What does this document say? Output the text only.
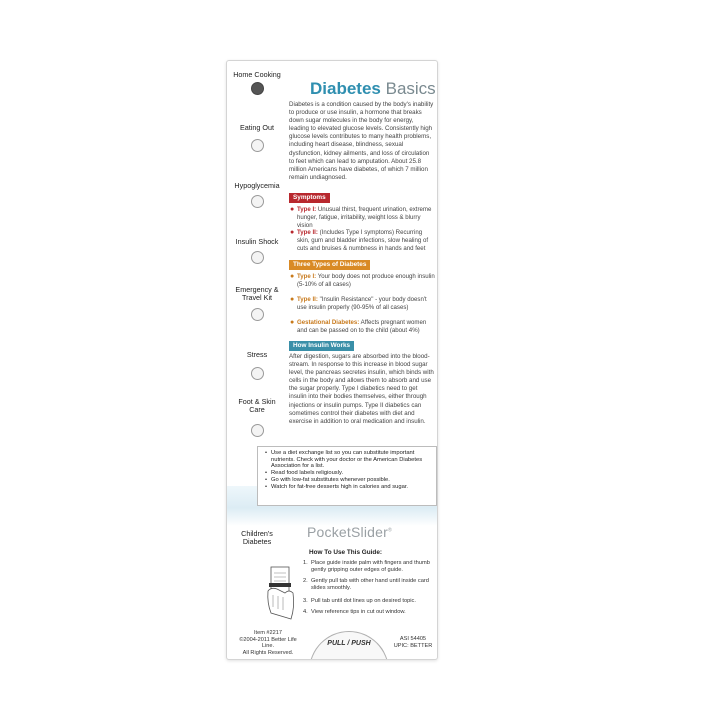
Home Cooking
Eating Out
Hypoglycemia
Insulin Shock
Emergency & Travel Kit
Stress
Foot & Skin Care
Children's Diabetes
Diabetes Basics
Diabetes is a condition caused by the body's inability to produce or use insulin, a hormone that breaks down sugar molecules in the body for energy, leading to elevated glucose levels. Consistently high glucose levels contributes to many health problems, including heart disease, blindness, sexual dysfunction, kidney ailments, and loss of circulation to feet which can lead to amputation. About 25.8 million Americans have diabetes, of which 7 million remain undiagnosed.
Symptoms
● Type I: Unusual thirst, frequent urination, extreme hunger, fatigue, irritability, weight loss & blurry vision
● Type II: (Includes Type I symptoms) Recurring skin, gum and bladder infections, slow healing of cuts and bruises & numbness in hands and feet
Three Types of Diabetes
● Type I: Your body does not produce enough insulin (5-10% of all cases)
● Type II: "Insulin Resistance" - your body doesn't use insulin properly (90-95% of all cases)
● Gestational Diabetes: Affects pregnant women and can be passed on to the child (about 4%)
How Insulin Works
After digestion, sugars are absorbed into the blood-stream. In response to this increase in blood sugar level, the pancreas secretes insulin, which binds with cells in the body and allows them to absorb and use the sugar properly. Type I diabetics need to get insulin into their bodies themselves, either through injections or insulin pumps. Type II diabetics can sometimes control their diabetes with diet and exercise in addition to oral medication and insulin.
• Use a diet exchange list so you can substitute important nutrients. Check with your doctor or the American Diabetes Association for a list.
• Read food labels religiously.
• Go with low-fat substitutes whenever possible.
• Watch for fat-free desserts high in calories and sugar.
PocketSlider®
How To Use This Guide:
1. Place guide inside palm with fingers and thumb gently gripping outer edges of guide.
2. Gently pull tab with other hand until inside card slides smoothly.
3. Pull tab until dot lines up on desired topic.
4. View reference tips in cut out window.
Item #2217
©2004-2011 Better Life Line.
All Rights Reserved.
ASI 54405
UPIC: BETTER
PULL / PUSH
